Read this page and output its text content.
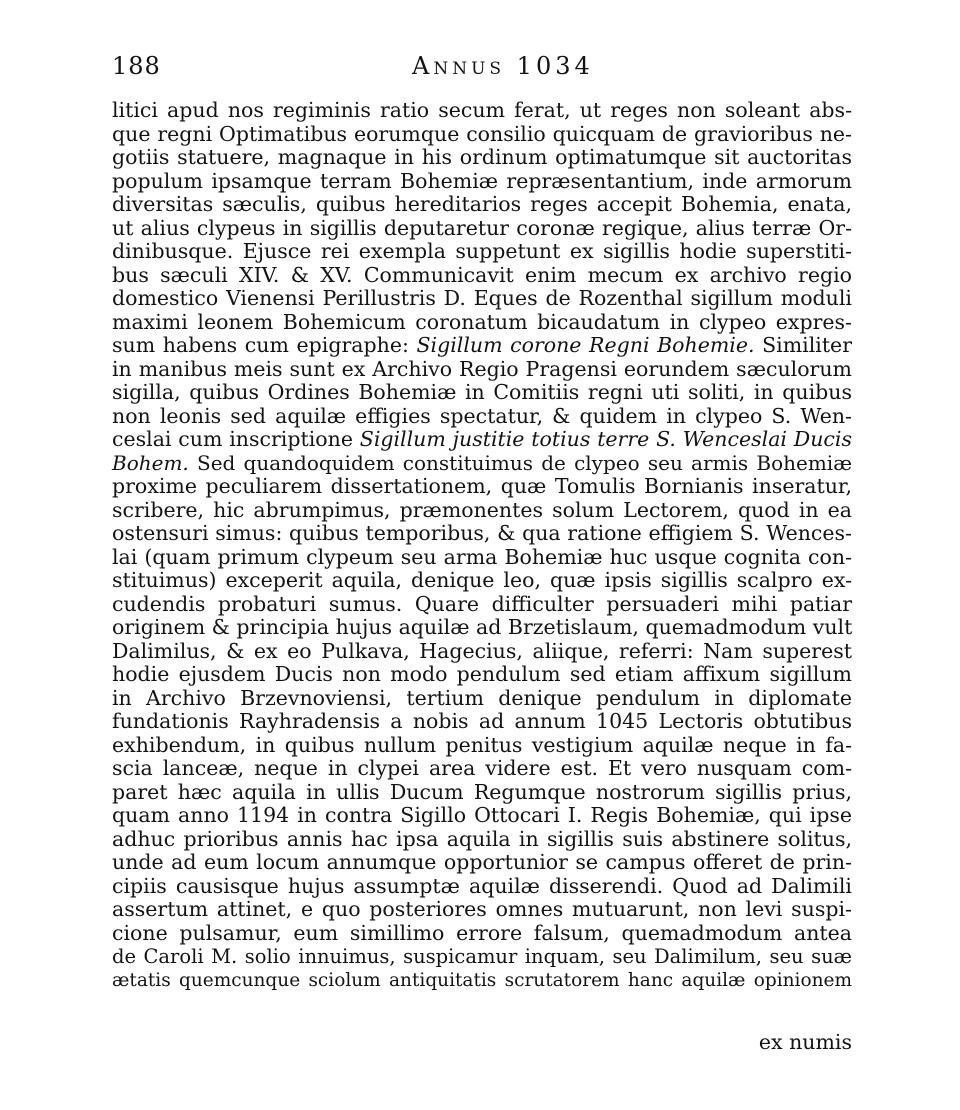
188	Annus 1034
litici apud nos regiminis ratio secum ferat, ut reges non soleant abs-
que regni Optimatibus eorumque consilio quicquam de gravioribus ne-
gotiis statuere, magnaque in his ordinum optimatumque sit auctoritas
populum ipsamque terram Bohemiæ repræsentantium, inde armorum
diversitas sæculis, quibus hereditarios reges accepit Bohemia, enata,
ut alius clypeus in sigillis deputaretur coronæ regique, alius terræ Or-
dinibusque. Ejusce rei exempla suppetunt ex sigillis hodie superstiti-
bus sæculi XIV. & XV. Communicavit enim mecum ex archivo regio
domestico Vienensi Perillustris D. Eques de Rozenthal sigillum moduli
maximi leonem Bohemicum coronatum bicaudatum in clypeo expres-
sum habens cum epigraphe: Sigillum corone Regni Bohemie. Similiter
in manibus meis sunt ex Archivo Regio Pragensi eorundem sæculorum
sigilla, quibus Ordines Bohemiæ in Comitiis regni uti soliti, in quibus
non leonis sed aquilæ effigies spectatur, & quidem in clypeo S. Wen-
ceslai cum inscriptione Sigillum justitie totius terre S. Wenceslai Ducis
Bohem. Sed quandoquidem constituimus de clypeo seu armis Bohemiæ
proxime peculiarem dissertationem, quæ Tomulis Bornianis inseratur,
scribere, hic abrumpimus, præmonentes solum Lectorem, quod in ea
ostensuri simus: quibus temporibus, & qua ratione effigiem S. Wences-
lai (quam primum clypeum seu arma Bohemiæ huc usque cognita con-
stituimus) exceperit aquila, denique leo, quæ ipsis sigillis scalpro ex-
cudendis probaturi sumus. Quare difficulter persuaderi mihi patiar
originem & principia hujus aquilæ ad Brzetislaum, quemadmodum vult
Dalimilus, & ex eo Pulkava, Hagecius, aliique, referri: Nam superest
hodie ejusdem Ducis non modo pendulum sed etiam affixum sigillum
in Archivo Brzevnoviensi, tertium denique pendulum in diplomate
fundationis Rayhradensis a nobis ad annum 1045 Lectoris obtutibus
exhibendum, in quibus nullum penitus vestigium aquilæ neque in fa-
scia lanceæ, neque in clypei area videre est. Et vero nusquam com-
paret hæc aquila in ullis Ducum Regumque nostrorum sigillis prius,
quam anno 1194 in contra Sigillo Ottocari I. Regis Bohemiæ, qui ipse
adhuc prioribus annis hac ipsa aquila in sigillis suis abstinere solitus,
unde ad eum locum annumque opportunior se campus offeret de prin-
cipiis causisque hujus assumptæ aquilæ disserendi. Quod ad Dalimili
assertum attinet, e quo posteriores omnes mutuarunt, non levi suspi-
cione pulsamur, eum simillimo errore falsum, quemadmodum antea
de Caroli M. solio innuimus, suspicamur inquam, seu Dalimilum, seu suæ
ætatis quemcunque sciolum antiquitatis scrutatorem hanc aquilæ opinionem
ex numis
